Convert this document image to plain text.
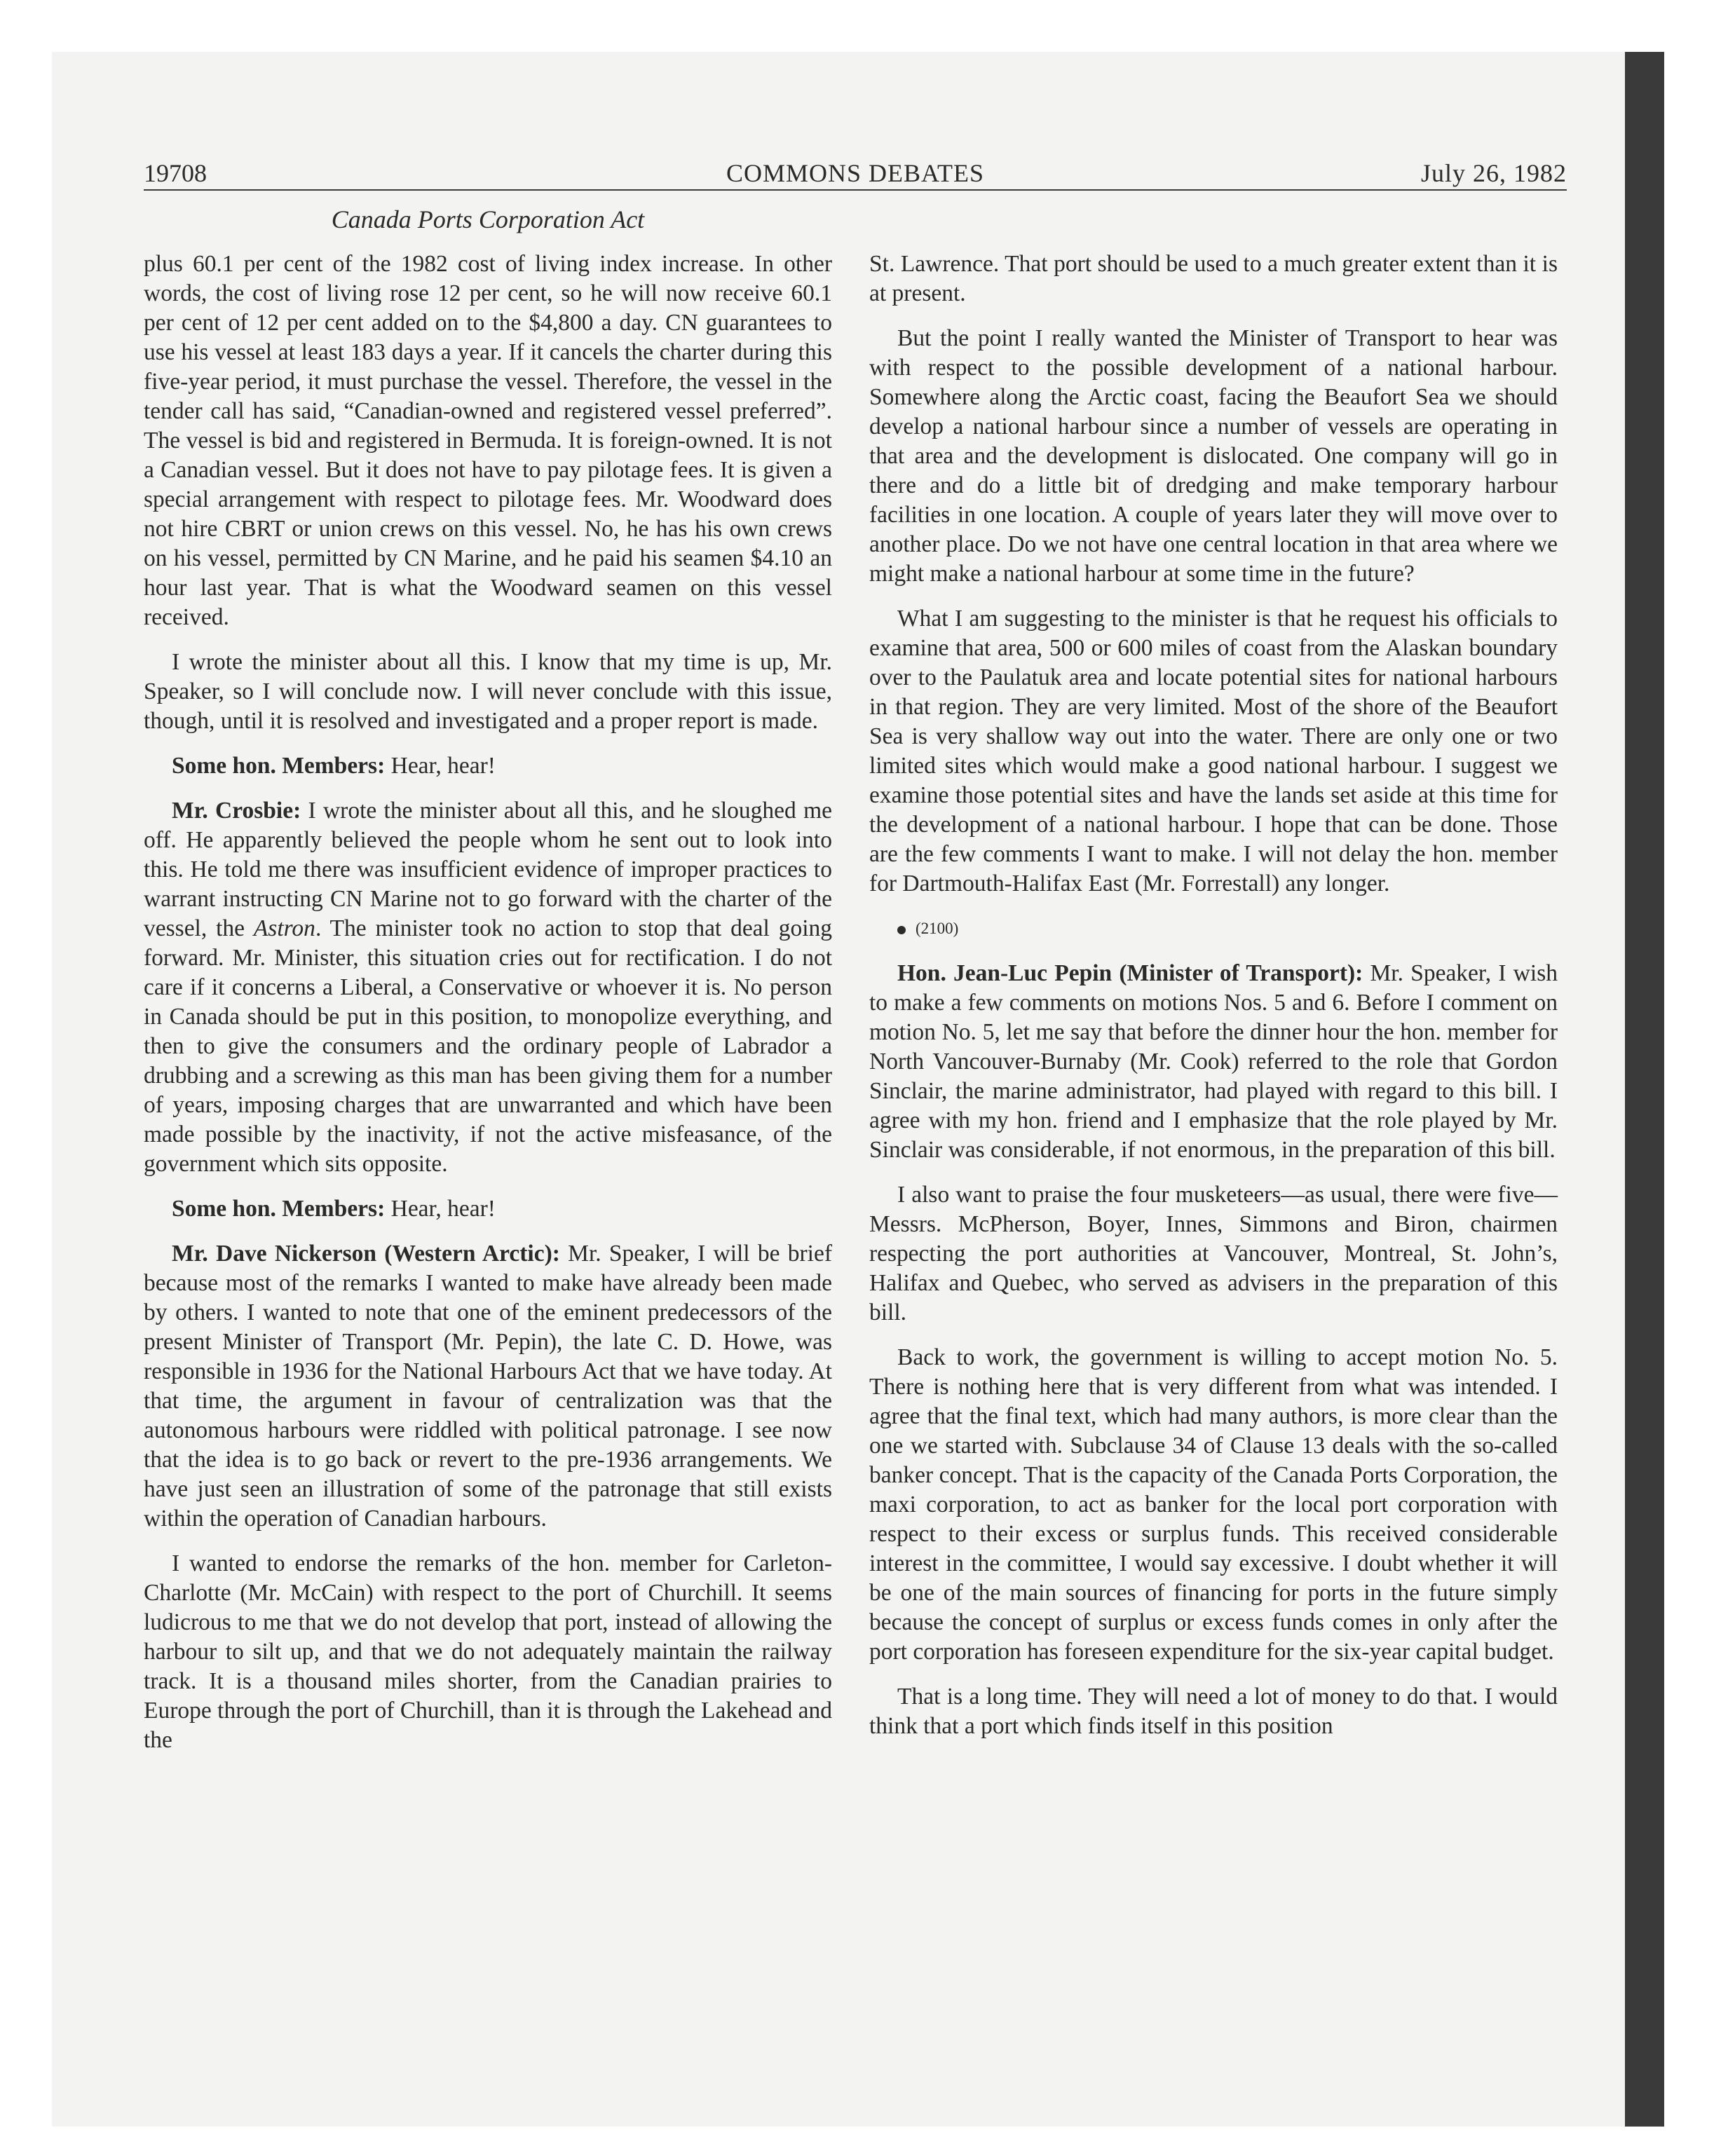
19708	COMMONS DEBATES	July 26, 1982
Canada Ports Corporation Act

plus 60.1 per cent of the 1982 cost of living index increase. In other words, the cost of living rose 12 per cent, so he will now receive 60.1 per cent of 12 per cent added on to the $4,800 a day. CN guarantees to use his vessel at least 183 days a year. If it cancels the charter during this five-year period, it must purchase the vessel. Therefore, the vessel in the tender call has said, “Canadian-owned and registered vessel preferred”. The vessel is bid and registered in Bermuda. It is foreign-owned. It is not a Canadian vessel. But it does not have to pay pilotage fees. It is given a special arrangement with respect to pilotage fees. Mr. Woodward does not hire CBRT or union crews on this vessel. No, he has his own crews on his vessel, permitted by CN Marine, and he paid his seamen $4.10 an hour last year. That is what the Woodward seamen on this vessel received.

I wrote the minister about all this. I know that my time is up, Mr. Speaker, so I will conclude now. I will never conclude with this issue, though, until it is resolved and investigated and a proper report is made.

Some hon. Members: Hear, hear!

Mr. Crosbie: I wrote the minister about all this, and he sloughed me off. He apparently believed the people whom he sent out to look into this. He told me there was insufficient evidence of improper practices to warrant instructing CN Marine not to go forward with the charter of the vessel, the Astron. The minister took no action to stop that deal going forward. Mr. Minister, this situation cries out for rectification. I do not care if it concerns a Liberal, a Conservative or whoever it is. No person in Canada should be put in this position, to monopolize everything, and then to give the consumers and the ordinary people of Labrador a drubbing and a screwing as this man has been giving them for a number of years, imposing charges that are unwarranted and which have been made possible by the inactivity, if not the active misfeasance, of the government which sits opposite.

Some hon. Members: Hear, hear!

Mr. Dave Nickerson (Western Arctic): Mr. Speaker, I will be brief because most of the remarks I wanted to make have already been made by others. I wanted to note that one of the eminent predecessors of the present Minister of Transport (Mr. Pepin), the late C. D. Howe, was responsible in 1936 for the National Harbours Act that we have today. At that time, the argument in favour of centralization was that the autonomous harbours were riddled with political patronage. I see now that the idea is to go back or revert to the pre-1936 arrangements. We have just seen an illustration of some of the patronage that still exists within the operation of Canadian harbours.

I wanted to endorse the remarks of the hon. member for Carleton-Charlotte (Mr. McCain) with respect to the port of Churchill. It seems ludicrous to me that we do not develop that port, instead of allowing the harbour to silt up, and that we do not adequately maintain the railway track. It is a thousand miles shorter, from the Canadian prairies to Europe through the port of Churchill, than it is through the Lakehead and the

St. Lawrence. That port should be used to a much greater extent than it is at present.

But the point I really wanted the Minister of Transport to hear was with respect to the possible development of a national harbour. Somewhere along the Arctic coast, facing the Beaufort Sea we should develop a national harbour since a number of vessels are operating in that area and the development is dislocated. One company will go in there and do a little bit of dredging and make temporary harbour facilities in one location. A couple of years later they will move over to another place. Do we not have one central location in that area where we might make a national harbour at some time in the future?

What I am suggesting to the minister is that he request his officials to examine that area, 500 or 600 miles of coast from the Alaskan boundary over to the Paulatuk area and locate potential sites for national harbours in that region. They are very limited. Most of the shore of the Beaufort Sea is very shallow way out into the water. There are only one or two limited sites which would make a good national harbour. I suggest we examine those potential sites and have the lands set aside at this time for the development of a national harbour. I hope that can be done. Those are the few comments I want to make. I will not delay the hon. member for Dartmouth-Halifax East (Mr. Forrestall) any longer.

(2100)

Hon. Jean-Luc Pepin (Minister of Transport): Mr. Speaker, I wish to make a few comments on motions Nos. 5 and 6. Before I comment on motion No. 5, let me say that before the dinner hour the hon. member for North Vancouver-Burnaby (Mr. Cook) referred to the role that Gordon Sinclair, the marine administrator, had played with regard to this bill. I agree with my hon. friend and I emphasize that the role played by Mr. Sinclair was considerable, if not enormous, in the preparation of this bill.

I also want to praise the four musketeers—as usual, there were five—Messrs. McPherson, Boyer, Innes, Simmons and Biron, chairmen respecting the port authorities at Vancouver, Montreal, St. John’s, Halifax and Quebec, who served as advisers in the preparation of this bill.

Back to work, the government is willing to accept motion No. 5. There is nothing here that is very different from what was intended. I agree that the final text, which had many authors, is more clear than the one we started with. Subclause 34 of Clause 13 deals with the so-called banker concept. That is the capacity of the Canada Ports Corporation, the maxi corporation, to act as banker for the local port corporation with respect to their excess or surplus funds. This received considerable interest in the committee, I would say excessive. I doubt whether it will be one of the main sources of financing for ports in the future simply because the concept of surplus or excess funds comes in only after the port corporation has foreseen expenditure for the six-year capital budget.

That is a long time. They will need a lot of money to do that. I would think that a port which finds itself in this position
